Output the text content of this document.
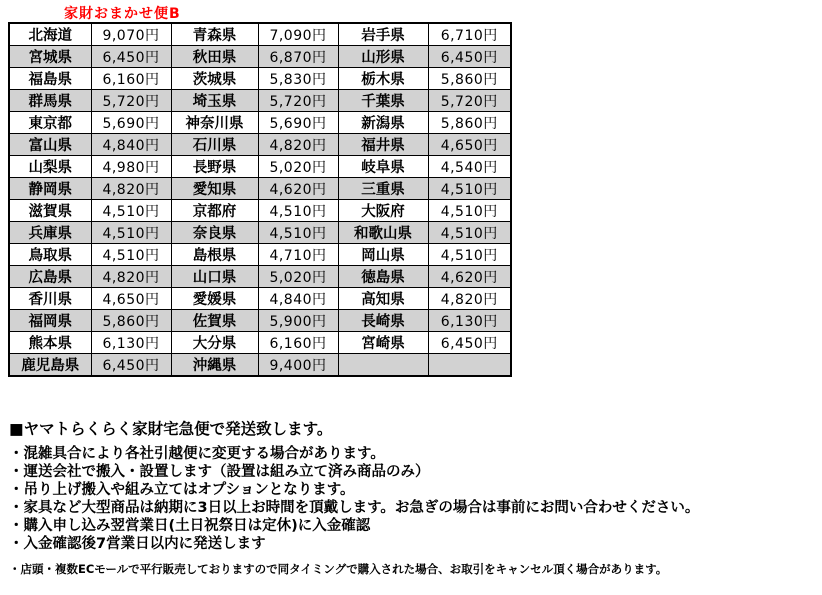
家財おまかせ便B
北海道	9,070円	青森県	7,090円	岩手県	6,710円
宮城県	6,450円	秋田県	6,870円	山形県	6,450円
福島県	6,160円	茨城県	5,830円	栃木県	5,860円
群馬県	5,720円	埼玉県	5,720円	千葉県	5,720円
東京都	5,690円	神奈川県	5,690円	新潟県	5,860円
富山県	4,840円	石川県	4,820円	福井県	4,650円
山梨県	4,980円	長野県	5,020円	岐阜県	4,540円
静岡県	4,820円	愛知県	4,620円	三重県	4,510円
滋賀県	4,510円	京都府	4,510円	大阪府	4,510円
兵庫県	4,510円	奈良県	4,510円	和歌山県	4,510円
鳥取県	4,510円	島根県	4,710円	岡山県	4,510円
広島県	4,820円	山口県	5,020円	徳島県	4,620円
香川県	4,650円	愛媛県	4,840円	高知県	4,820円
福岡県	5,860円	佐賀県	5,900円	長崎県	6,130円
熊本県	6,130円	大分県	6,160円	宮崎県	6,450円
鹿児島県	6,450円	沖縄県	9,400円		

■ヤマトらくらく家財宅急便で発送致します。

・混雑具合により各社引越便に変更する場合があります。
・運送会社で搬入・設置します（設置は組み立て済み商品のみ）
・吊り上げ搬入や組み立てはオプションとなります。
・家具など大型商品は納期に3日以上お時間を頂戴します。お急ぎの場合は事前にお問い合わせください。
・購入申し込み翌営業日(土日祝祭日は定休)に入金確認
・入金確認後7営業日以内に発送します
・店頭・複数ECモールで平行販売しておりますので同タイミングで購入された場合、お取引をキャンセル頂く場合があります。
